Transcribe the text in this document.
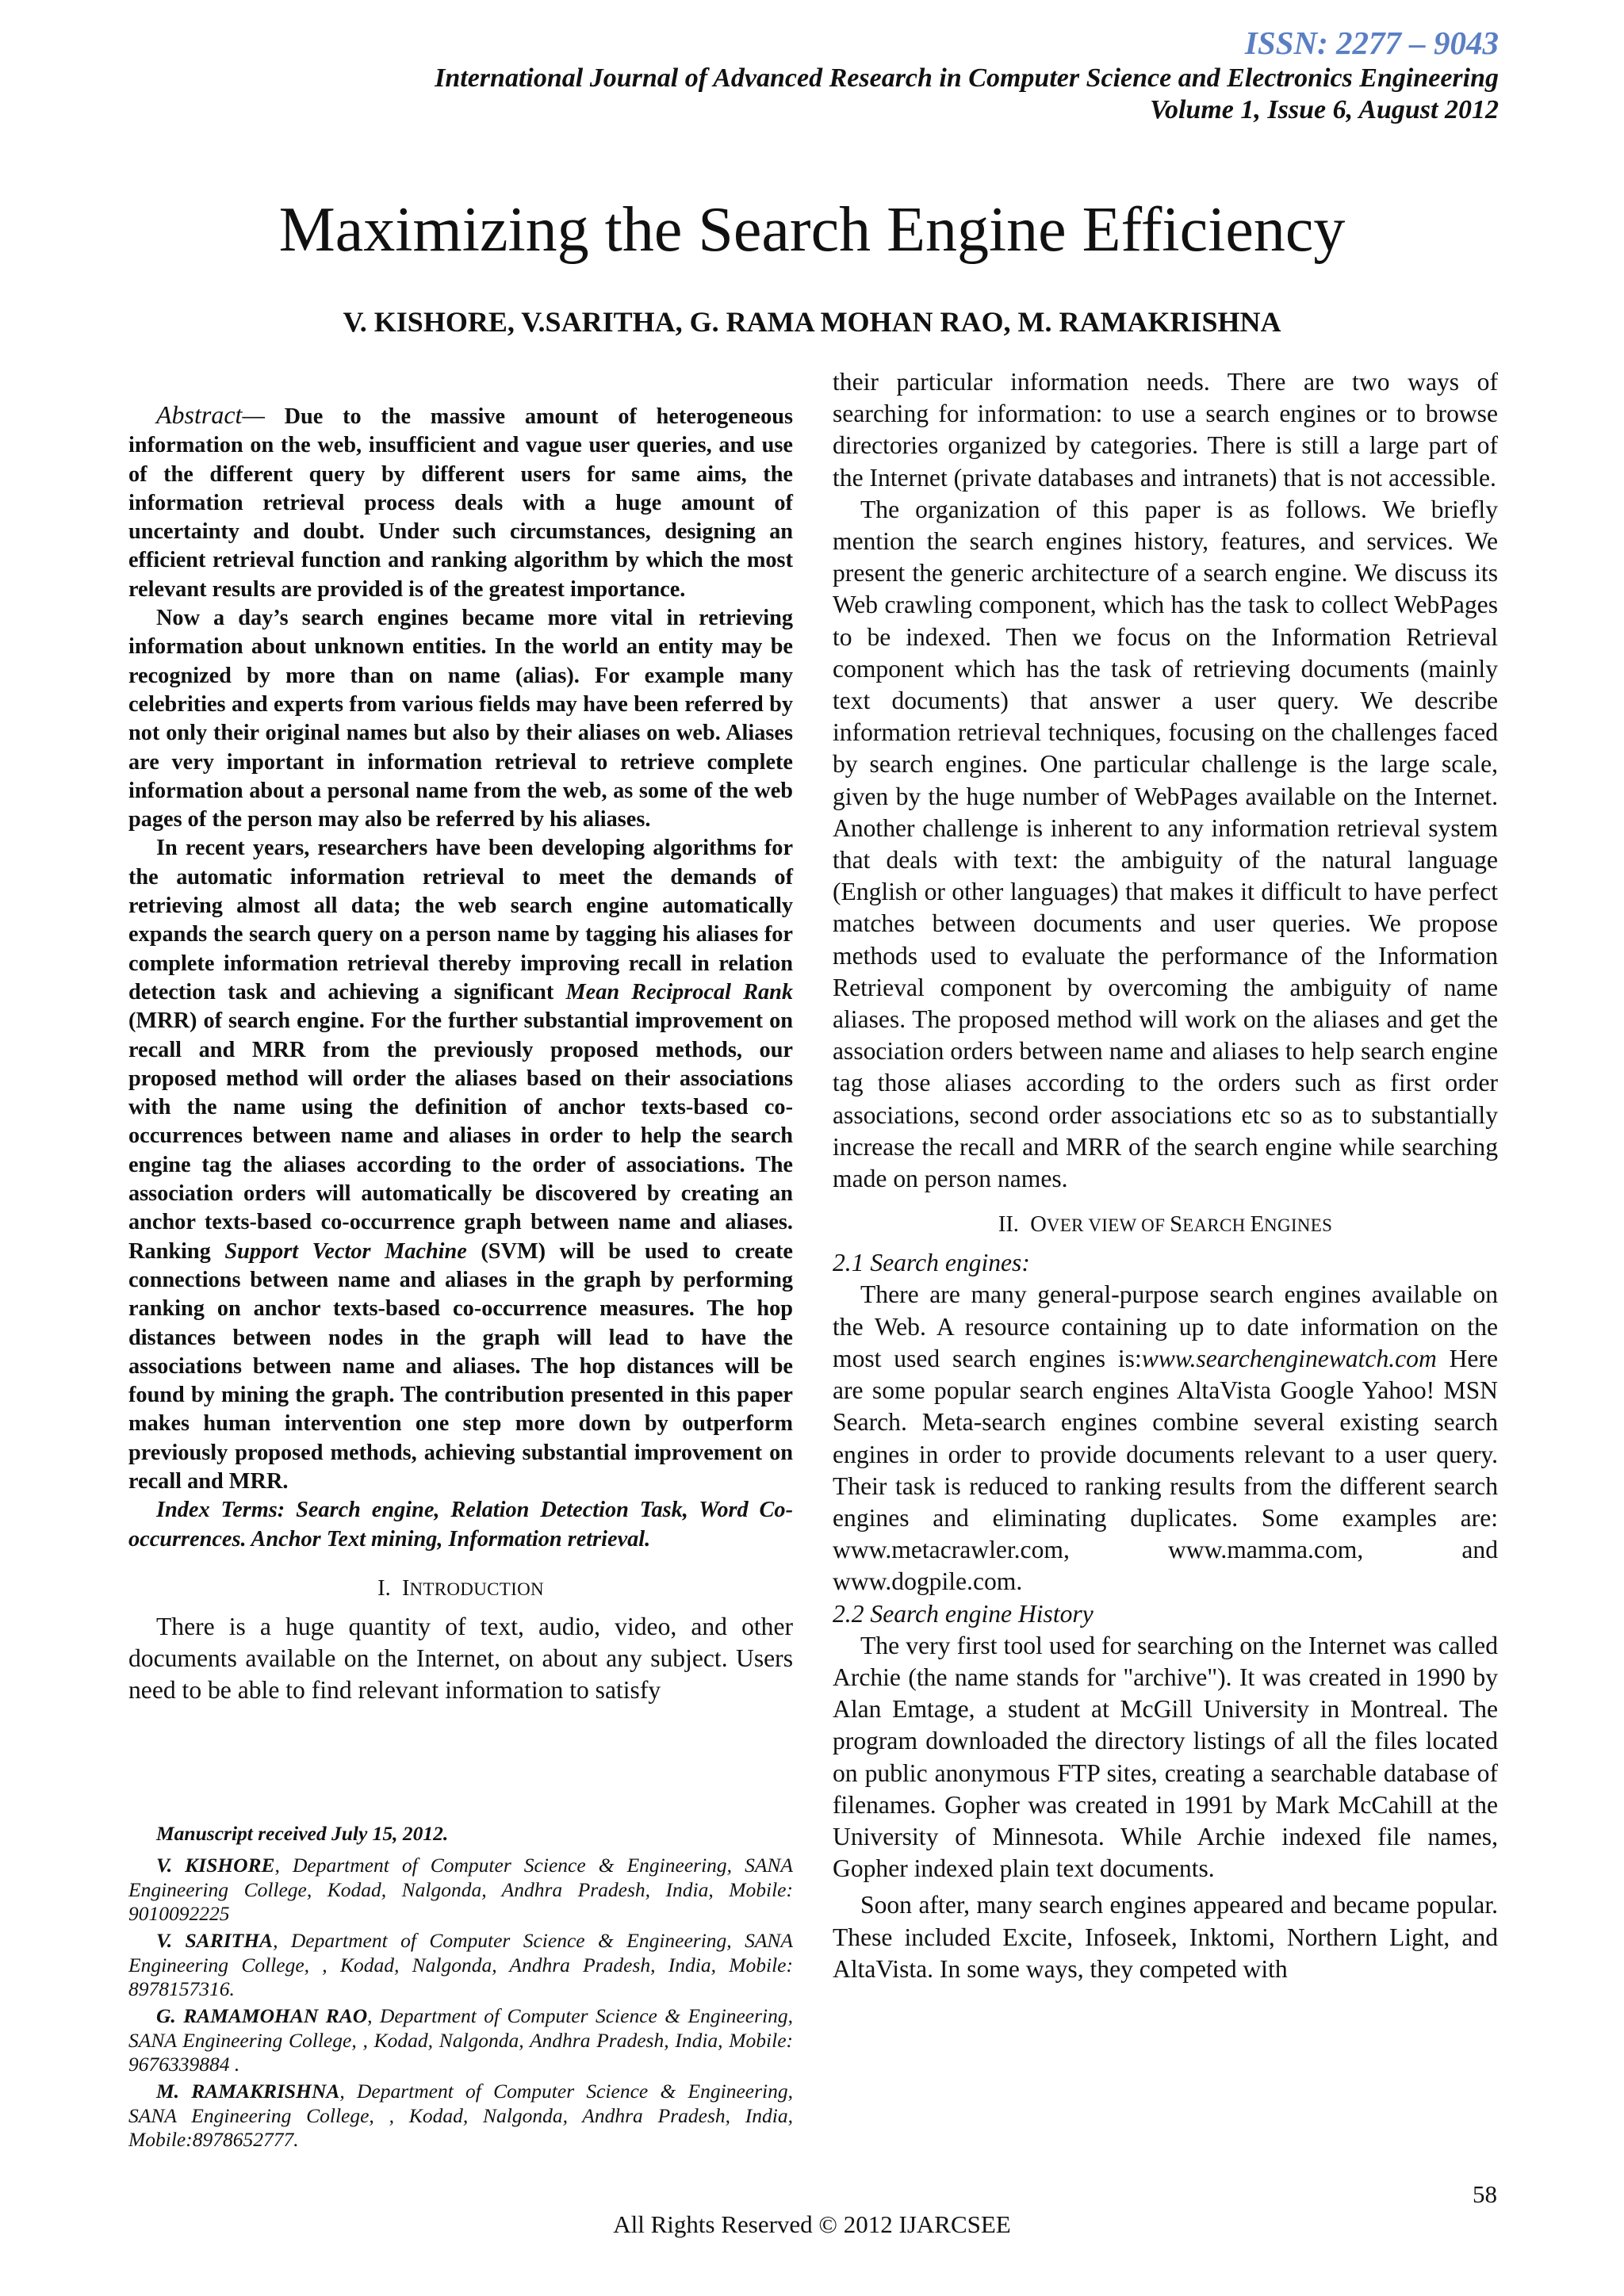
ISSN: 2277 – 9043
International Journal of Advanced Research in Computer Science and Electronics Engineering
Volume 1, Issue 6, August 2012
Maximizing the Search Engine Efficiency
V. KISHORE, V.SARITHA, G. RAMA MOHAN RAO, M. RAMAKRISHNA

Abstract— Due to the massive amount of heterogeneous information on the web, insufficient and vague user queries, and use of the different query by different users for same aims, the information retrieval process deals with a huge amount of uncertainty and doubt. Under such circumstances, designing an efficient retrieval function and ranking algorithm by which the most relevant results are provided is of the greatest importance.

Now a day’s search engines became more vital in retrieving information about unknown entities. In the world an entity may be recognized by more than on name (alias). For example many celebrities and experts from various fields may have been referred by not only their original names but also by their aliases on web. Aliases are very important in information retrieval to retrieve complete information about a personal name from the web, as some of the web pages of the person may also be referred by his aliases.

In recent years, researchers have been developing algorithms for the automatic information retrieval to meet the demands of retrieving almost all data; the web search engine automatically expands the search query on a person name by tagging his aliases for complete information retrieval thereby improving recall in relation detection task and achieving a significant Mean Reciprocal Rank (MRR) of search engine. For the further substantial improvement on recall and MRR from the previously proposed methods, our proposed method will order the aliases based on their associations with the name using the definition of anchor texts-based co-occurrences between name and aliases in order to help the search engine tag the aliases according to the order of associations. The association orders will automatically be discovered by creating an anchor texts-based co-occurrence graph between name and aliases. Ranking Support Vector Machine (SVM) will be used to create connections between name and aliases in the graph by performing ranking on anchor texts-based co-occurrence measures. The hop distances between nodes in the graph will lead to have the associations between name and aliases. The hop distances will be found by mining the graph. The contribution presented in this paper makes human intervention one step more down by outperform previously proposed methods, achieving substantial improvement on recall and MRR.

Index Terms: Search engine, Relation Detection Task, Word Co-occurrences. Anchor Text mining, Information retrieval.

I. INTRODUCTION

There is a huge quantity of text, audio, video, and other documents available on the Internet, on about any subject. Users need to be able to find relevant information to satisfy

Manuscript received July 15, 2012.

V. KISHORE, Department of Computer Science & Engineering, SANA Engineering College, Kodad, Nalgonda, Andhra Pradesh, India, Mobile: 9010092225

V. SARITHA, Department of Computer Science & Engineering, SANA Engineering College, , Kodad, Nalgonda, Andhra Pradesh, India, Mobile: 8978157316.

G. RAMAMOHAN RAO, Department of Computer Science & Engineering, SANA Engineering College, , Kodad, Nalgonda, Andhra Pradesh, India, Mobile: 9676339884 .

M. RAMAKRISHNA, Department of Computer Science & Engineering, SANA Engineering College, , Kodad, Nalgonda, Andhra Pradesh, India, Mobile:8978652777.

their particular information needs. There are two ways of searching for information: to use a search engines or to browse directories organized by categories. There is still a large part of the Internet (private databases and intranets) that is not accessible.

The organization of this paper is as follows. We briefly mention the search engines history, features, and services. We present the generic architecture of a search engine. We discuss its Web crawling component, which has the task to collect WebPages to be indexed. Then we focus on the Information Retrieval component which has the task of retrieving documents (mainly text documents) that answer a user query. We describe information retrieval techniques, focusing on the challenges faced by search engines. One particular challenge is the large scale, given by the huge number of WebPages available on the Internet. Another challenge is inherent to any information retrieval system that deals with text: the ambiguity of the natural language (English or other languages) that makes it difficult to have perfect matches between documents and user queries. We propose methods used to evaluate the performance of the Information Retrieval component by overcoming the ambiguity of name aliases. The proposed method will work on the aliases and get the association orders between name and aliases to help search engine tag those aliases according to the orders such as first order associations, second order associations etc so as to substantially increase the recall and MRR of the search engine while searching made on person names.

II. OVER VIEW OF SEARCH ENGINES

2.1 Search engines:

There are many general-purpose search engines available on the Web. A resource containing up to date information on the most used search engines is:www.searchenginewatch.com Here are some popular search engines AltaVista Google Yahoo! MSN Search. Meta-search engines combine several existing search engines in order to provide documents relevant to a user query. Their task is reduced to ranking results from the different search engines and eliminating duplicates. Some examples are: www.metacrawler.com, www.mamma.com, and www.dogpile.com.

2.2 Search engine History

The very first tool used for searching on the Internet was called Archie (the name stands for "archive"). It was created in 1990 by Alan Emtage, a student at McGill University in Montreal. The program downloaded the directory listings of all the files located on public anonymous FTP sites, creating a searchable database of filenames. Gopher was created in 1991 by Mark McCahill at the University of Minnesota. While Archie indexed file names, Gopher indexed plain text documents.

Soon after, many search engines appeared and became popular. These included Excite, Infoseek, Inktomi, Northern Light, and AltaVista. In some ways, they competed with

58
All Rights Reserved © 2012 IJARCSEE
